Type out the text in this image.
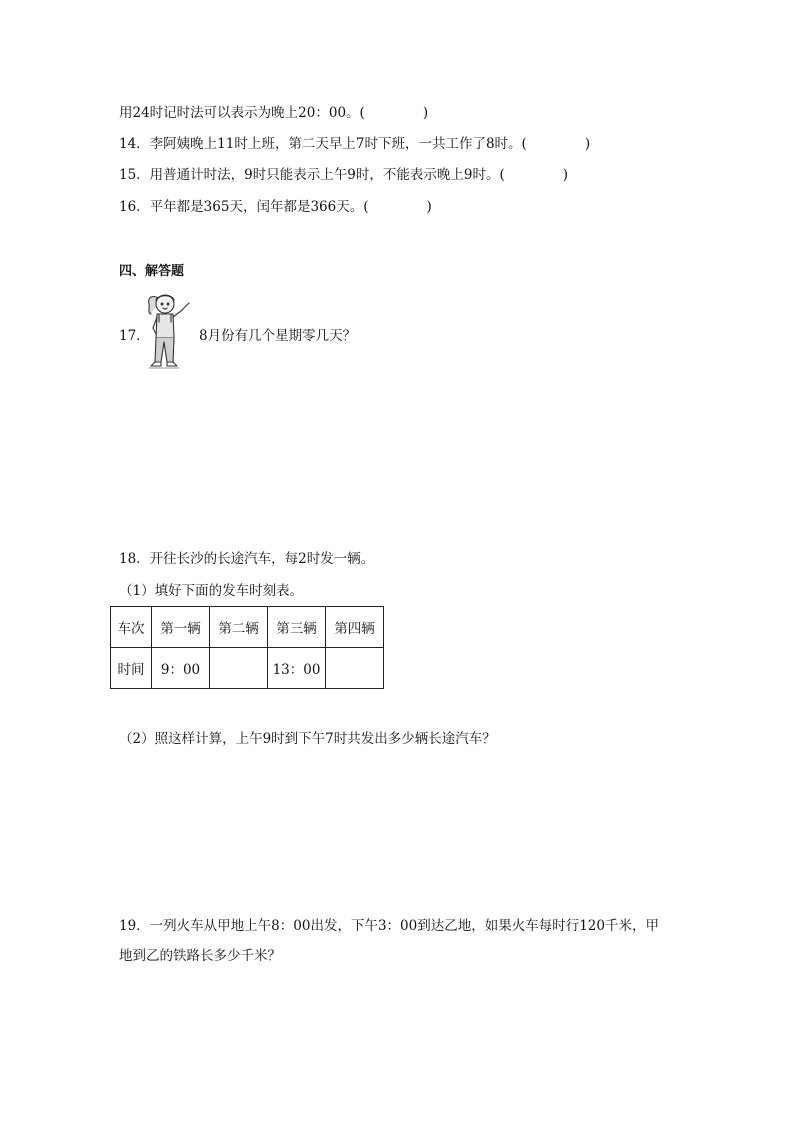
用24时记时法可以表示为晚上20：00。(	)
14．李阿姨晚上11时上班，第二天早上7时下班，一共工作了8时。(	)
15．用普通计时法，9时只能表示上午9时，不能表示晚上9时。(	)
16．平年都是365天，闰年都是366天。(	)
四、解答题
17．	8月份有几个星期零几天？
18．开往长沙的长途汽车，每2时发一辆。
（1）填好下面的发车时刻表。
车次	第一辆	第二辆	第三辆	第四辆
时间	9：00		13：00	
（2）照这样计算，上午9时到下午7时共发出多少辆长途汽车？
19．一列火车从甲地上午8：00出发，下午3：00到达乙地，如果火车每时行120千米，甲
地到乙的铁路长多少千米？
